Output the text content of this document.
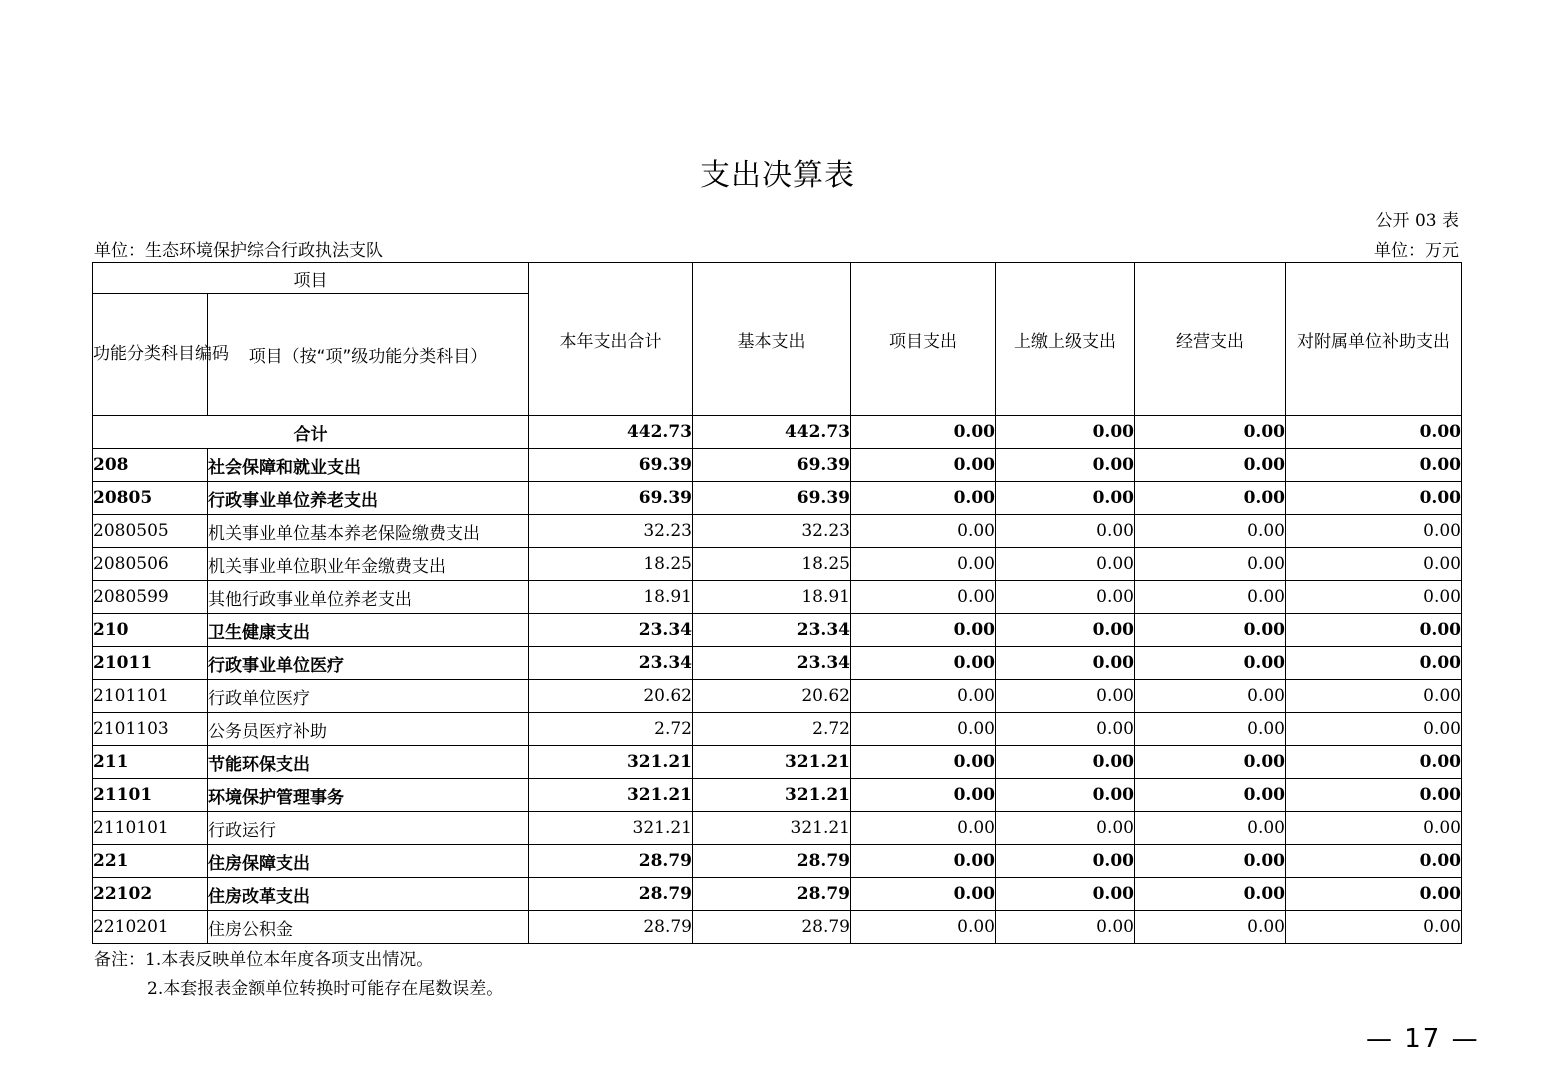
支出决算表
公开 03 表
单位：生态环境保护综合行政执法支队	单位：万元
项目		本年支出合计	基本支出	项目支出	上缴上级支出	经营支出	对附属单位补助支出
功能分类科目编码	项目（按“项”级功能分类科目）						
合计		442.73	442.73	0.00	0.00	0.00	0.00
208	社会保障和就业支出	69.39	69.39	0.00	0.00	0.00	0.00
20805	行政事业单位养老支出	69.39	69.39	0.00	0.00	0.00	0.00
2080505	机关事业单位基本养老保险缴费支出	32.23	32.23	0.00	0.00	0.00	0.00
2080506	机关事业单位职业年金缴费支出	18.25	18.25	0.00	0.00	0.00	0.00
2080599	其他行政事业单位养老支出	18.91	18.91	0.00	0.00	0.00	0.00
210	卫生健康支出	23.34	23.34	0.00	0.00	0.00	0.00
21011	行政事业单位医疗	23.34	23.34	0.00	0.00	0.00	0.00
2101101	行政单位医疗	20.62	20.62	0.00	0.00	0.00	0.00
2101103	公务员医疗补助	2.72	2.72	0.00	0.00	0.00	0.00
211	节能环保支出	321.21	321.21	0.00	0.00	0.00	0.00
21101	环境保护管理事务	321.21	321.21	0.00	0.00	0.00	0.00
2110101	行政运行	321.21	321.21	0.00	0.00	0.00	0.00
221	住房保障支出	28.79	28.79	0.00	0.00	0.00	0.00
22102	住房改革支出	28.79	28.79	0.00	0.00	0.00	0.00
2210201	住房公积金	28.79	28.79	0.00	0.00	0.00	0.00
备注：1.本表反映单位本年度各项支出情况。
2.本套报表金额单位转换时可能存在尾数误差。
— 17 —
